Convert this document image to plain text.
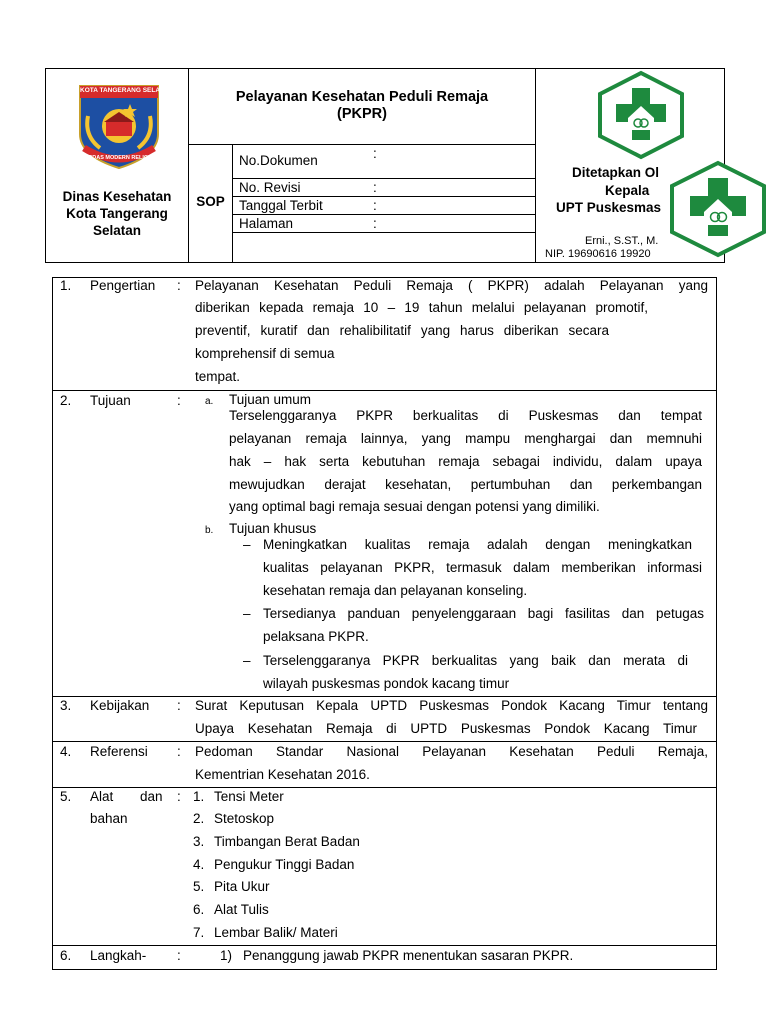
KOTA TANGERANG SELATAN
CERDAS MODERN RELIGIUS
Dinas Kesehatan
Kota Tangerang
Selatan
Pelayanan Kesehatan Peduli Remaja
(PKPR)
SOP
No.Dokumen	:
No. Revisi	:
Tanggal Terbit	:
Halaman	:
Ditetapkan Ol
Kepala
UPT Puskesmas
Erni., S.ST., M.
NIP. 19690616 19920
1. Pengertian : Pelayanan Kesehatan Peduli Remaja ( PKPR) adalah Pelayanan yang
diberikan kepada remaja 10 – 19 tahun melalui pelayanan promotif,
preventif, kuratif dan rehalibilitatif yang harus diberikan secara
komprehensif di semua
tempat.
2. Tujuan	: a. Tujuan umum
Terselenggaranya PKPR berkualitas di Puskesmas dan tempat
pelayanan remaja lainnya, yang mampu menghargai dan memnuhi
hak – hak serta kebutuhan remaja sebagai individu, dalam upaya
mewujudkan derajat kesehatan, pertumbuhan dan perkembangan
yang optimal bagi remaja sesuai dengan potensi yang dimiliki.
b. Tujuan khusus
– Meningkatkan kualitas remaja adalah dengan meningkatkan
kualitas pelayanan PKPR, termasuk dalam memberikan informasi
kesehatan remaja dan pelayanan konseling.
– Tersedianya panduan penyelenggaraan bagi fasilitas dan petugas
pelaksana PKPR.
– Terselenggaranya PKPR berkualitas yang baik dan merata di
wilayah puskesmas pondok kacang timur
3. Kebijakan : Surat Keputusan Kepala UPTD Puskesmas Pondok Kacang Timur tentang
Upaya Kesehatan Remaja di UPTD Puskesmas Pondok Kacang Timur
4. Referensi : Pedoman Standar Nasional Pelayanan Kesehatan Peduli Remaja,
Kementrian Kesehatan 2016.
5. Alat dan
bahan
: 1. Tensi Meter
2. Stetoskop
3. Timbangan Berat Badan
4. Pengukur Tinggi Badan
5. Pita Ukur
6. Alat Tulis
7. Lembar Balik/ Materi
6. Langkah- :	1) Penanggung jawab PKPR menentukan sasaran PKPR.
